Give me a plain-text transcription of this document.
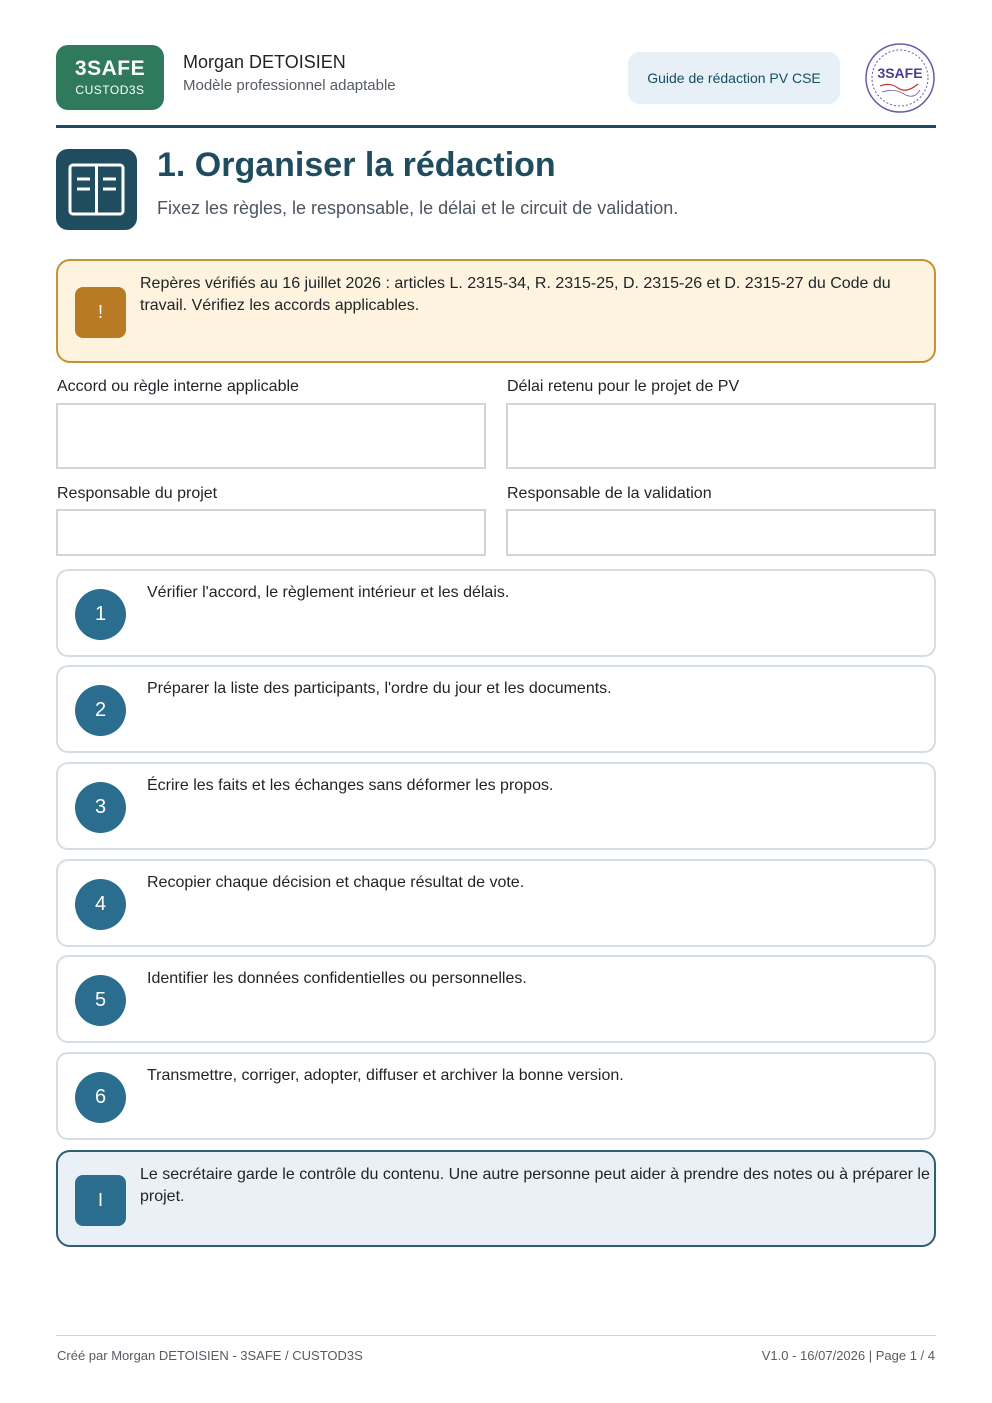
3SAFE
CUSTOD3S
Morgan DETOISIEN
Modèle professionnel adaptable	Guide de rédaction PV CSE	3SAFE
1. Organiser la rédaction
Fixez les règles, le responsable, le délai et le circuit de validation.
!
Repères vérifiés au 16 juillet 2026 : articles L. 2315-34, R. 2315-25, D. 2315-26 et D. 2315-27 du Code du travail. Vérifiez les accords applicables.
Accord ou règle interne applicable	Délai retenu pour le projet de PV
Responsable du projet	Responsable de la validation
1
Vérifier l'accord, le règlement intérieur et les délais.
2
Préparer la liste des participants, l'ordre du jour et les documents.
3
Écrire les faits et les échanges sans déformer les propos.
4
Recopier chaque décision et chaque résultat de vote.
5
Identifier les données confidentielles ou personnelles.
6
Transmettre, corriger, adopter, diffuser et archiver la bonne version.
I
Le secrétaire garde le contrôle du contenu. Une autre personne peut aider à prendre des notes ou à préparer le projet.
Créé par Morgan DETOISIEN - 3SAFE / CUSTOD3S	V1.0 - 16/07/2026 | Page 1 / 4
